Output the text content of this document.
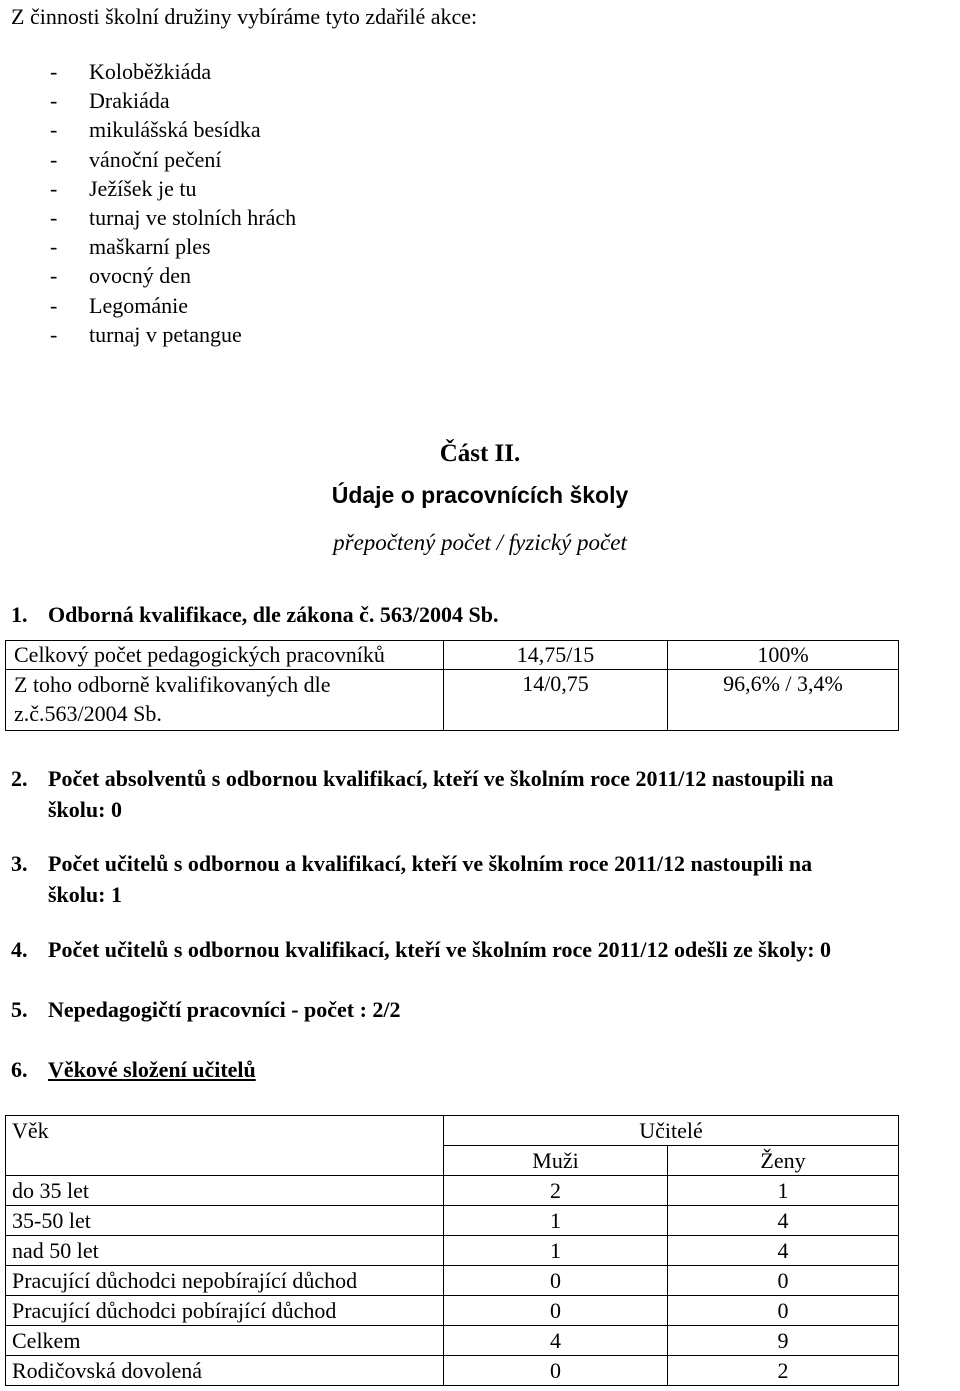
Z činnosti školní družiny vybíráme tyto zdařilé akce:
- Koloběžkiáda
- Drakiáda
- mikulášská besídka
- vánoční pečení
- Ježíšek je tu
- turnaj ve stolních hrách
- maškarní ples
- ovocný den
- Legománie
- turnaj v petangue
Část II.
Údaje o pracovnících školy
přepočtený počet / fyzický počet
1. Odborná kvalifikace, dle zákona č. 563/2004 Sb.
Celkový počet pedagogických pracovníků	14,75/15	100%
Z toho odborně kvalifikovaných dle
z.č.563/2004 Sb.	14/0,75	96,6% / 3,4%
2. Počet absolventů s odbornou kvalifikací, kteří ve školním roce 2011/12 nastoupili na
školu: 0
3. Počet učitelů s odbornou a kvalifikací, kteří ve školním roce 2011/12 nastoupili na
školu: 1
4. Počet učitelů s odbornou kvalifikací, kteří ve školním roce 2011/12 odešli ze školy: 0
5. Nepedagogičtí pracovníci - počet : 2/2
6. Věkové složení učitelů
Věk	Učitelé	
	Muži	Ženy
do 35 let	2	1
35-50 let	1	4
nad 50 let	1	4
Pracující důchodci nepobírající důchod	0	0
Pracující důchodci pobírající důchod	0	0
Celkem	4	9
Rodičovská dovolená	0	2
